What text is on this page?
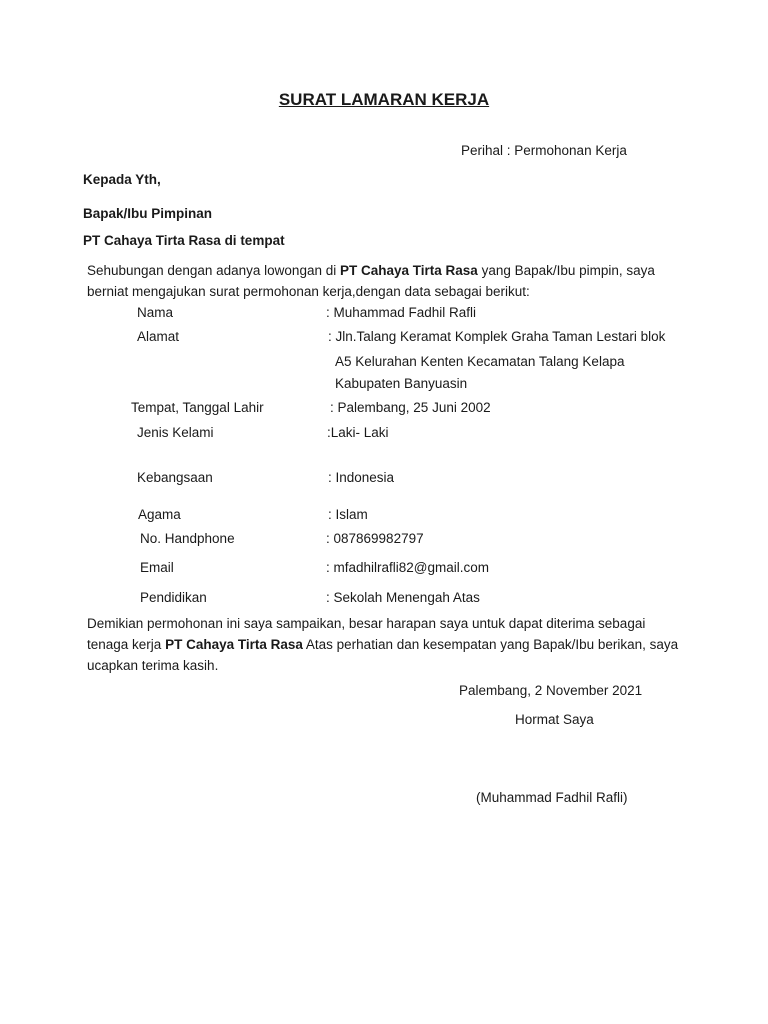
SURAT LAMARAN KERJA
Perihal : Permohonan Kerja
Kepada Yth,
Bapak/Ibu Pimpinan
PT Cahaya Tirta Rasa di tempat
Sehubungan dengan adanya lowongan di PT Cahaya Tirta Rasa yang Bapak/Ibu pimpin, saya berniat mengajukan surat permohonan kerja,dengan data sebagai berikut:
Nama	: Muhammad Fadhil Rafli
Alamat	: Jln.Talang Keramat Komplek Graha Taman Lestari blok
A5 Kelurahan Kenten Kecamatan Talang Kelapa
Kabupaten Banyuasin
Tempat, Tanggal Lahir	: Palembang, 25 Juni 2002
Jenis Kelami	:Laki- Laki
Kebangsaan	: Indonesia
Agama	: Islam
No. Handphone	: 087869982797
Email	: mfadhilrafli82@gmail.com
Pendidikan	: Sekolah Menengah Atas
Demikian permohonan ini saya sampaikan, besar harapan saya untuk dapat diterima sebagai tenaga kerja PT Cahaya Tirta Rasa Atas perhatian dan kesempatan yang Bapak/Ibu berikan, saya ucapkan terima kasih.
Palembang, 2 November 2021
Hormat Saya
(Muhammad Fadhil Rafli)
